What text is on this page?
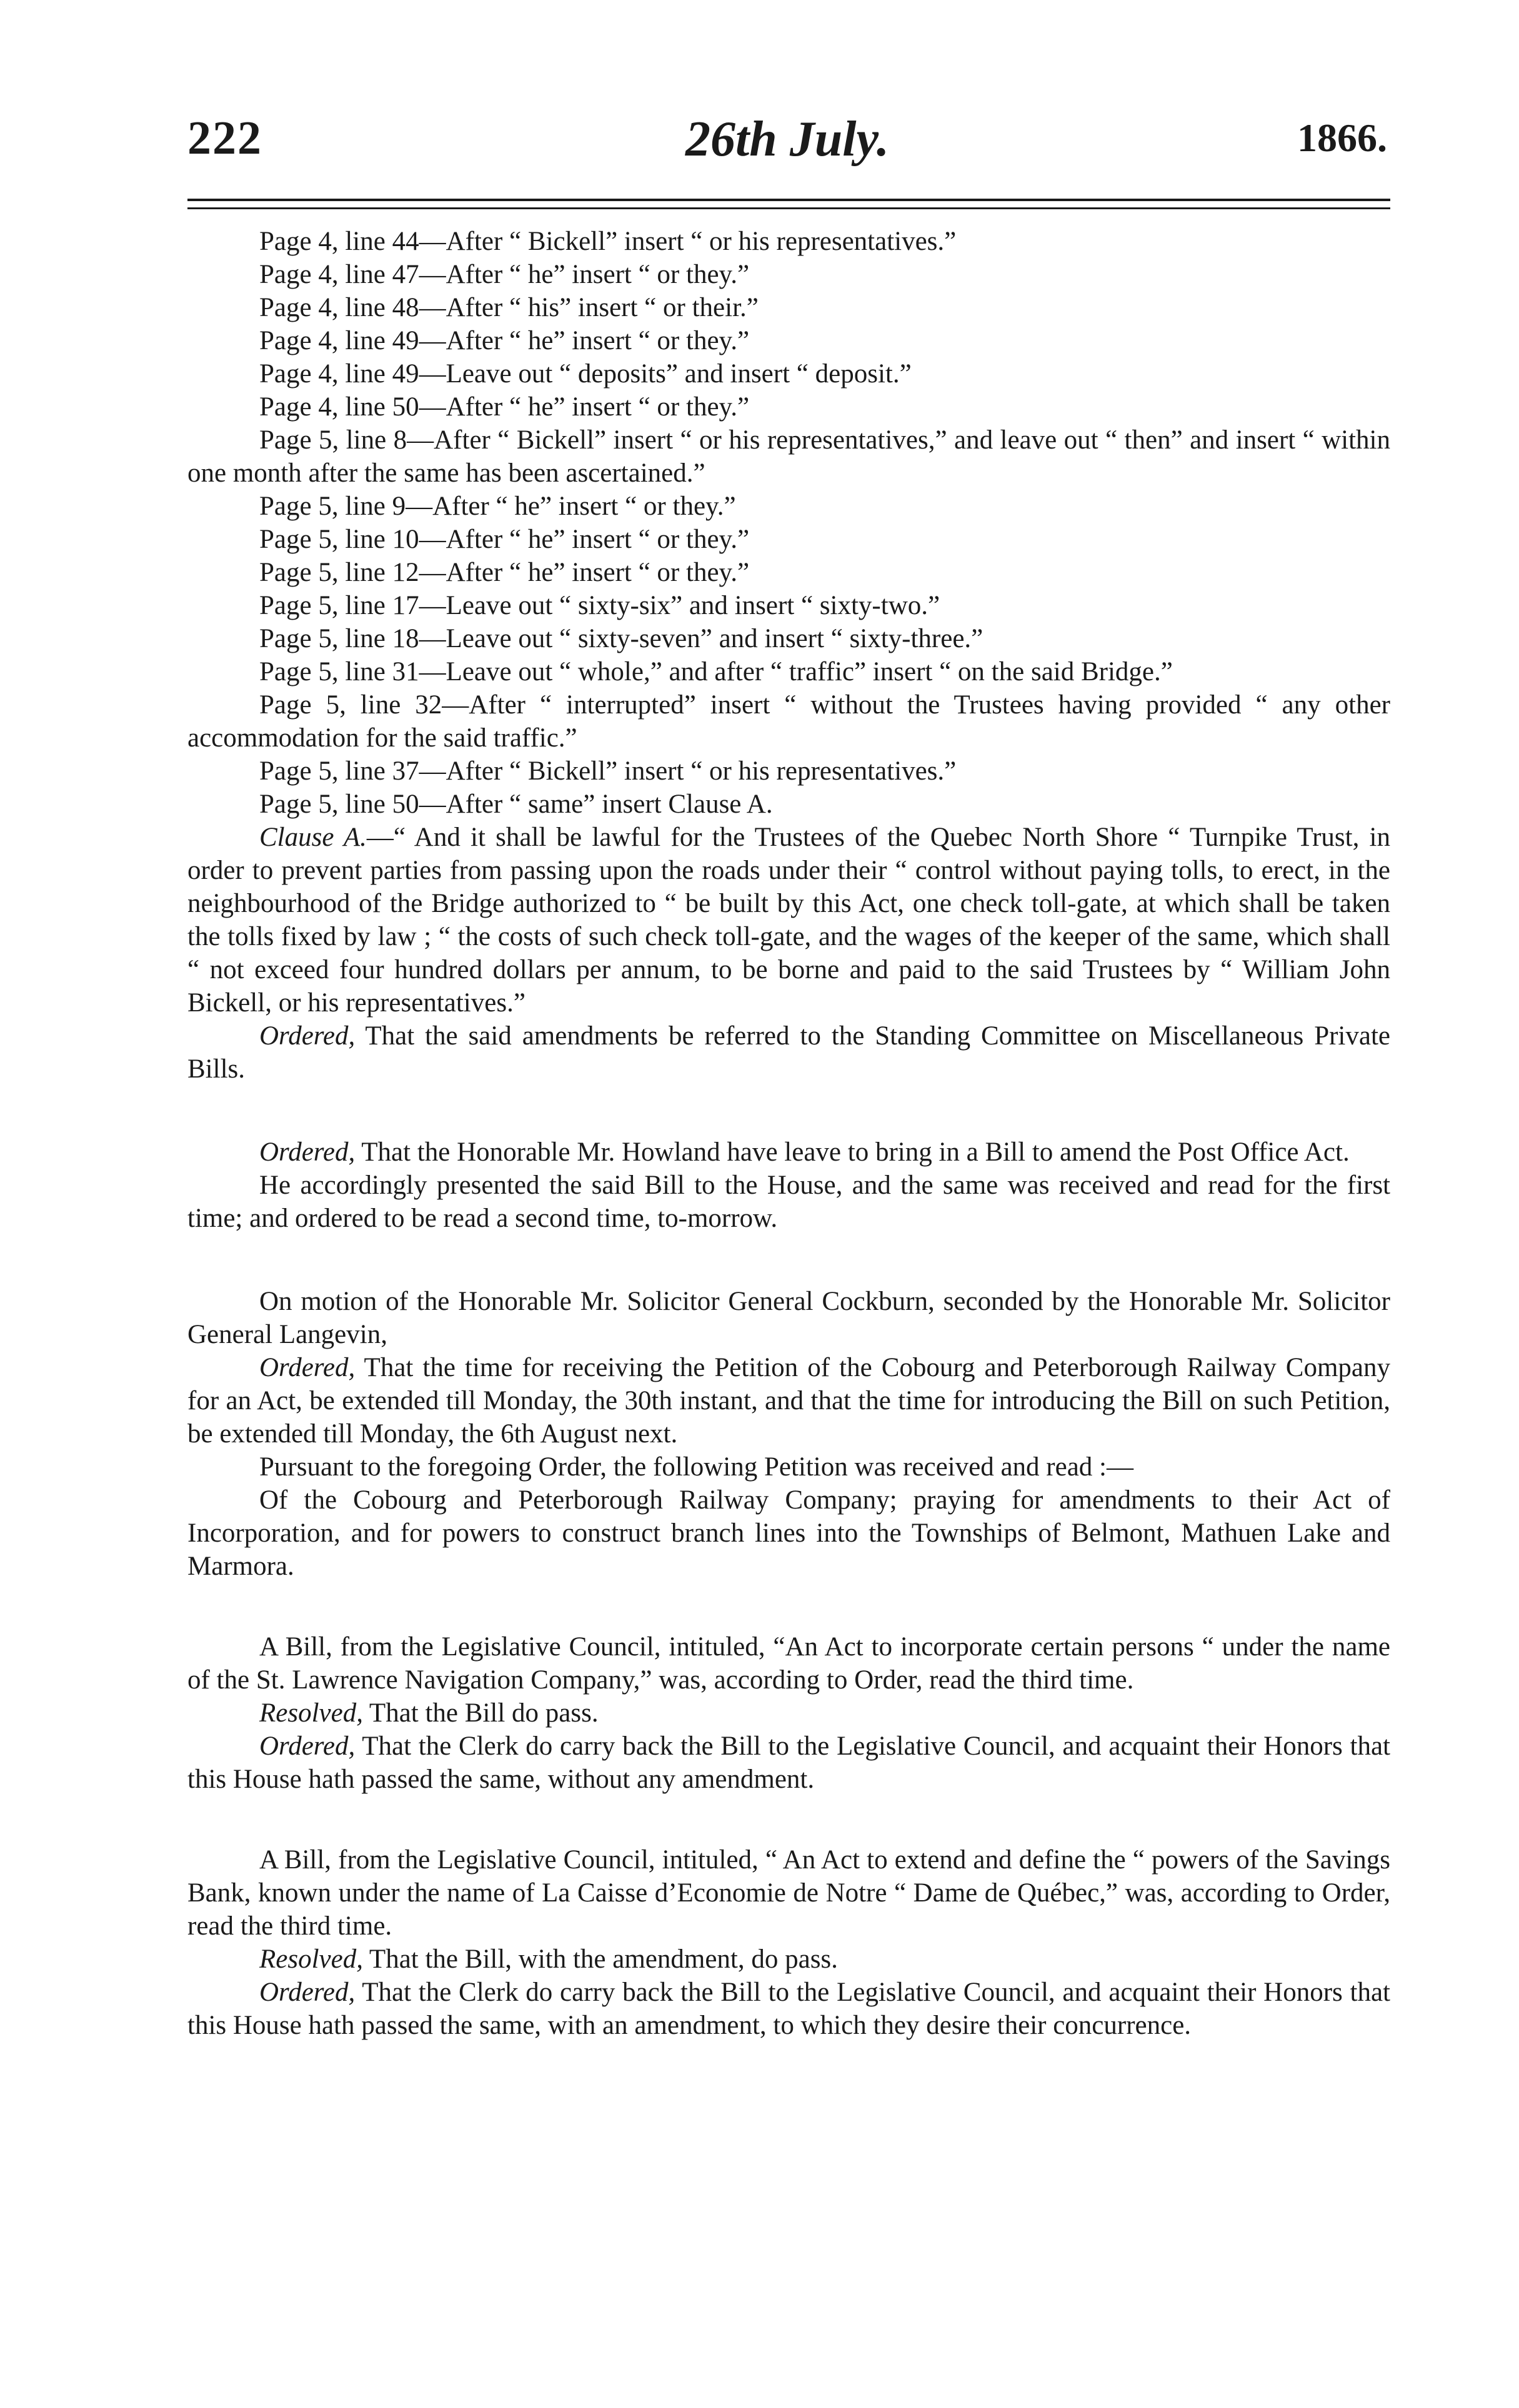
222	26th July.	1866.

Page 4, line 44—After “ Bickell” insert “ or his representatives.”

Page 4, line 47—After “ he” insert “ or they.”

Page 4, line 48—After “ his” insert “ or their.”

Page 4, line 49—After “ he” insert “ or they.”

Page 4, line 49—Leave out “ deposits” and insert “ deposit.”

Page 4, line 50—After “ he” insert “ or they.”

Page 5, line 8—After “ Bickell” insert “ or his representatives,” and leave out “ then” and insert “ within one month after the same has been ascertained.”

Page 5, line 9—After “ he” insert “ or they.”

Page 5, line 10—After “ he” insert “ or they.”

Page 5, line 12—After “ he” insert “ or they.”

Page 5, line 17—Leave out “ sixty-six” and insert “ sixty-two.”

Page 5, line 18—Leave out “ sixty-seven” and insert “ sixty-three.”

Page 5, line 31—Leave out “ whole,” and after “ traffic” insert “ on the said Bridge.”

Page 5, line 32—After “ interrupted” insert “ without the Trustees having provided “ any other accommodation for the said traffic.”

Page 5, line 37—After “ Bickell” insert “ or his representatives.”

Page 5, line 50—After “ same” insert Clause A.

Clause A.—“ And it shall be lawful for the Trustees of the Quebec North Shore “ Turnpike Trust, in order to prevent parties from passing upon the roads under their “ control without paying tolls, to erect, in the neighbourhood of the Bridge authorized to “ be built by this Act, one check toll-gate, at which shall be taken the tolls fixed by law ; “ the costs of such check toll-gate, and the wages of the keeper of the same, which shall “ not exceed four hundred dollars per annum, to be borne and paid to the said Trustees by “ William John Bickell, or his representatives.”

Ordered, That the said amendments be referred to the Standing Committee on Miscellaneous Private Bills.

Ordered, That the Honorable Mr. Howland have leave to bring in a Bill to amend the Post Office Act.

He accordingly presented the said Bill to the House, and the same was received and read for the first time; and ordered to be read a second time, to-morrow.

On motion of the Honorable Mr. Solicitor General Cockburn, seconded by the Honorable Mr. Solicitor General Langevin,

Ordered, That the time for receiving the Petition of the Cobourg and Peterborough Railway Company for an Act, be extended till Monday, the 30th instant, and that the time for introducing the Bill on such Petition, be extended till Monday, the 6th August next.

Pursuant to the foregoing Order, the following Petition was received and read :—

Of the Cobourg and Peterborough Railway Company; praying for amendments to their Act of Incorporation, and for powers to construct branch lines into the Townships of Belmont, Mathuen Lake and Marmora.

A Bill, from the Legislative Council, intituled, “An Act to incorporate certain persons “ under the name of the St. Lawrence Navigation Company,” was, according to Order, read the third time.

Resolved, That the Bill do pass.

Ordered, That the Clerk do carry back the Bill to the Legislative Council, and acquaint their Honors that this House hath passed the same, without any amendment.

A Bill, from the Legislative Council, intituled, “ An Act to extend and define the “ powers of the Savings Bank, known under the name of La Caisse d’Economie de Notre “ Dame de Québec,” was, according to Order, read the third time.

Resolved, That the Bill, with the amendment, do pass.

Ordered, That the Clerk do carry back the Bill to the Legislative Council, and acquaint their Honors that this House hath passed the same, with an amendment, to which they desire their concurrence.
